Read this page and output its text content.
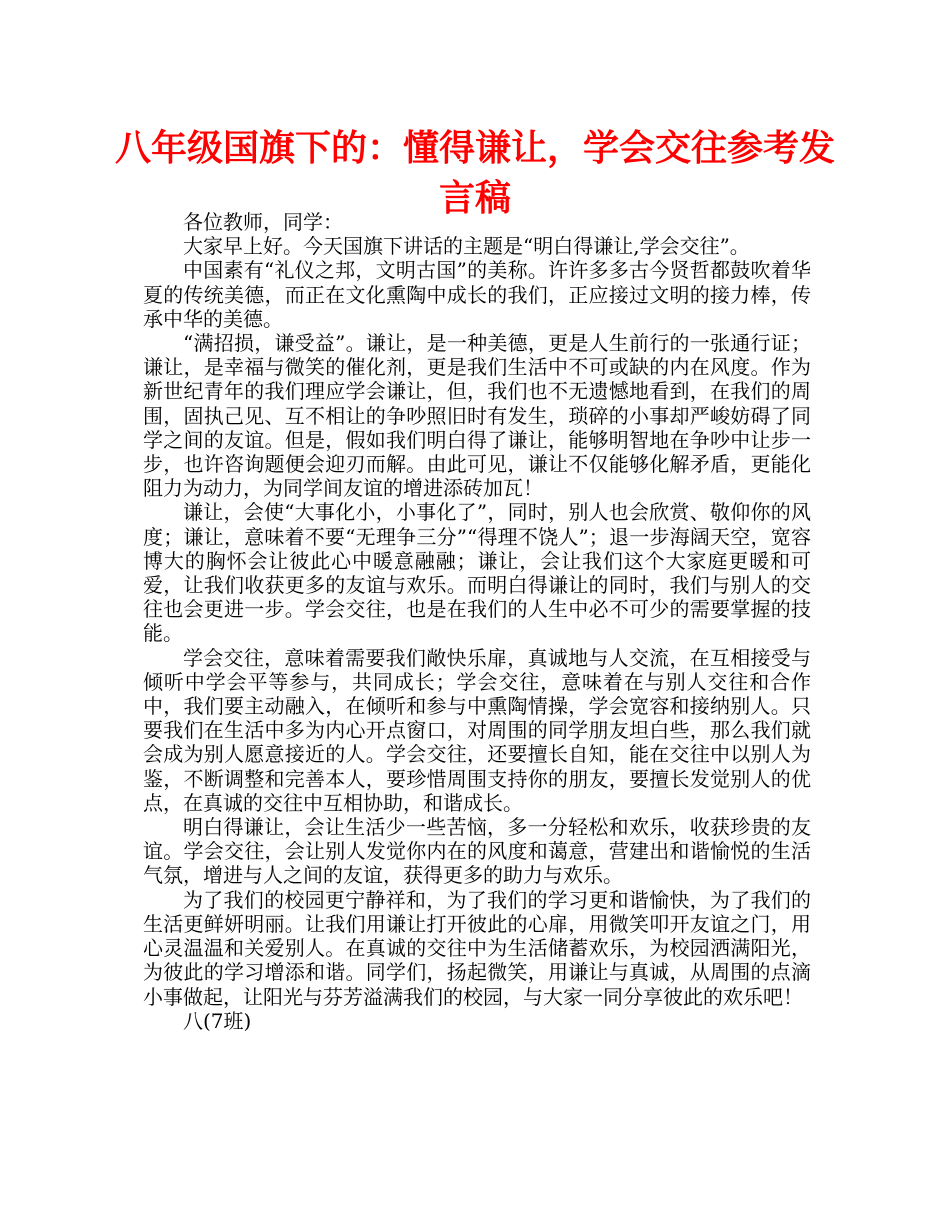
八年级国旗下的：懂得谦让，学会交往参考发言稿

各位教师，同学：

大家早上好。今天国旗下讲话的主题是“明白得谦让,学会交往”。

中国素有“礼仪之邦，文明古国”的美称。许许多多古今贤哲都鼓吹着华夏的传统美德，而正在文化熏陶中成长的我们，正应接过文明的接力棒，传承中华的美德。

“满招损，谦受益”。谦让，是一种美德，更是人生前行的一张通行证；谦让，是幸福与微笑的催化剂，更是我们生活中不可或缺的内在风度。作为新世纪青年的我们理应学会谦让，但，我们也不无遗憾地看到，在我们的周围，固执己见、互不相让的争吵照旧时有发生，琐碎的小事却严峻妨碍了同学之间的友谊。但是，假如我们明白得了谦让，能够明智地在争吵中让步一步，也许咨询题便会迎刃而解。由此可见，谦让不仅能够化解矛盾，更能化阻力为动力，为同学间友谊的增进添砖加瓦！

谦让，会使“大事化小，小事化了”，同时，别人也会欣赏、敬仰你的风度；谦让，意味着不要“无理争三分”“得理不饶人”；退一步海阔天空，宽容博大的胸怀会让彼此心中暖意融融；谦让，会让我们这个大家庭更暖和可爱，让我们收获更多的友谊与欢乐。而明白得谦让的同时，我们与别人的交往也会更进一步。学会交往，也是在我们的人生中必不可少的需要掌握的技能。

学会交往，意味着需要我们敞快乐扉，真诚地与人交流，在互相接受与倾听中学会平等参与，共同成长；学会交往，意味着在与别人交往和合作中，我们要主动融入，在倾听和参与中熏陶情操，学会宽容和接纳别人。只要我们在生活中多为内心开点窗口，对周围的同学朋友坦白些，那么我们就会成为别人愿意接近的人。学会交往，还要擅长自知，能在交往中以别人为鉴，不断调整和完善本人，要珍惜周围支持你的朋友，要擅长发觉别人的优点，在真诚的交往中互相协助，和谐成长。

明白得谦让，会让生活少一些苦恼，多一分轻松和欢乐，收获珍贵的友谊。学会交往，会让别人发觉你内在的风度和蔼意，营建出和谐愉悦的生活气氛，增进与人之间的友谊，获得更多的助力与欢乐。

为了我们的校园更宁静祥和，为了我们的学习更和谐愉快，为了我们的生活更鲜妍明丽。让我们用谦让打开彼此的心扉，用微笑叩开友谊之门，用心灵温温和关爱别人。在真诚的交往中为生活储蓄欢乐，为校园洒满阳光，为彼此的学习增添和谐。同学们，扬起微笑，用谦让与真诚，从周围的点滴小事做起，让阳光与芬芳溢满我们的校园，与大家一同分享彼此的欢乐吧！

八(7班)
